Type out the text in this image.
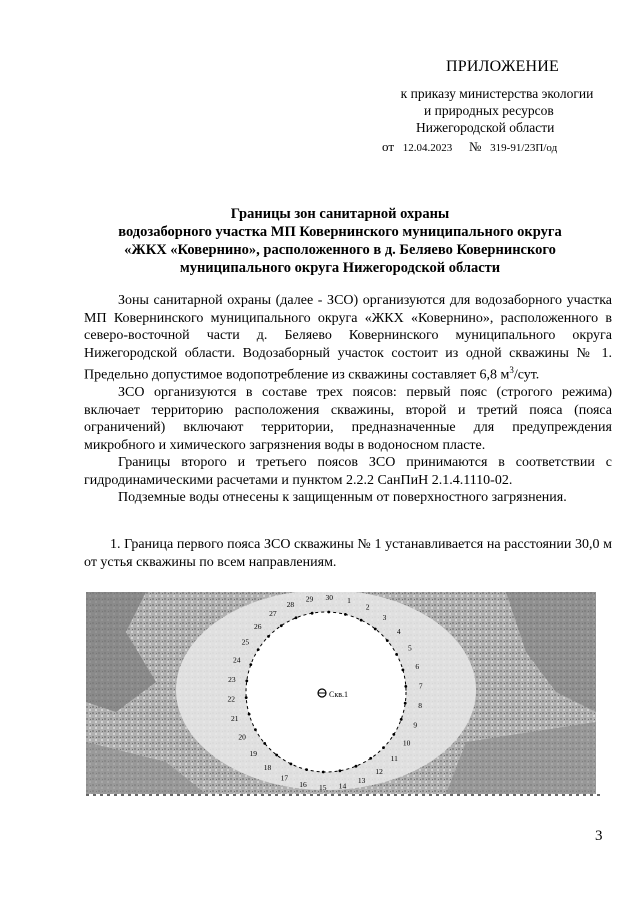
ПРИЛОЖЕНИЕ
к приказу министерства экологии
и природных ресурсов
Нижегородской области
от 12.04.2023 № 319-91/23П/од
Границы зон санитарной охраны
водозаборного участка МП Ковернинского муниципального округа
«ЖКХ «Ковернино», расположенного в д. Беляево Ковернинского
муниципального округа Нижегородской области

Зоны санитарной охраны (далее - ЗСО) организуются для водозаборного участка МП Ковернинского муниципального округа «ЖКХ «Ковернино», расположенного в северо-восточной части д. Беляево Ковернинского муниципального округа Нижегородской области. Водозаборный участок состоит из одной скважины № 1. Предельно допустимое водопотребление из скважины составляет 6,8 $м^3$/сут.

ЗСО организуются в составе трех поясов: первый пояс (строгого режима) включает территорию расположения скважины, второй и третий пояса (пояса ограничений) включают территории, предназначенные для предупреждения микробного и химического загрязнения воды в водоносном пласте.

Границы второго и третьего поясов ЗСО принимаются в соответствии с гидродинамическими расчетами и пунктом 2.2.2 СанПиН 2.1.4.1110-02.

Подземные воды отнесены к защищенным от поверхностного загрязнения.

1. Граница первого пояса ЗСО скважины № 1 устанавливается на расстоянии 30,0 м от устья скважины по всем направлениям.
Скв.1
1
2
3
4
5
6
7
8
9
10
11
12
13
14
15
16
17
18
19
20
21
22
23
24
25
26
27
28
29 30
3
